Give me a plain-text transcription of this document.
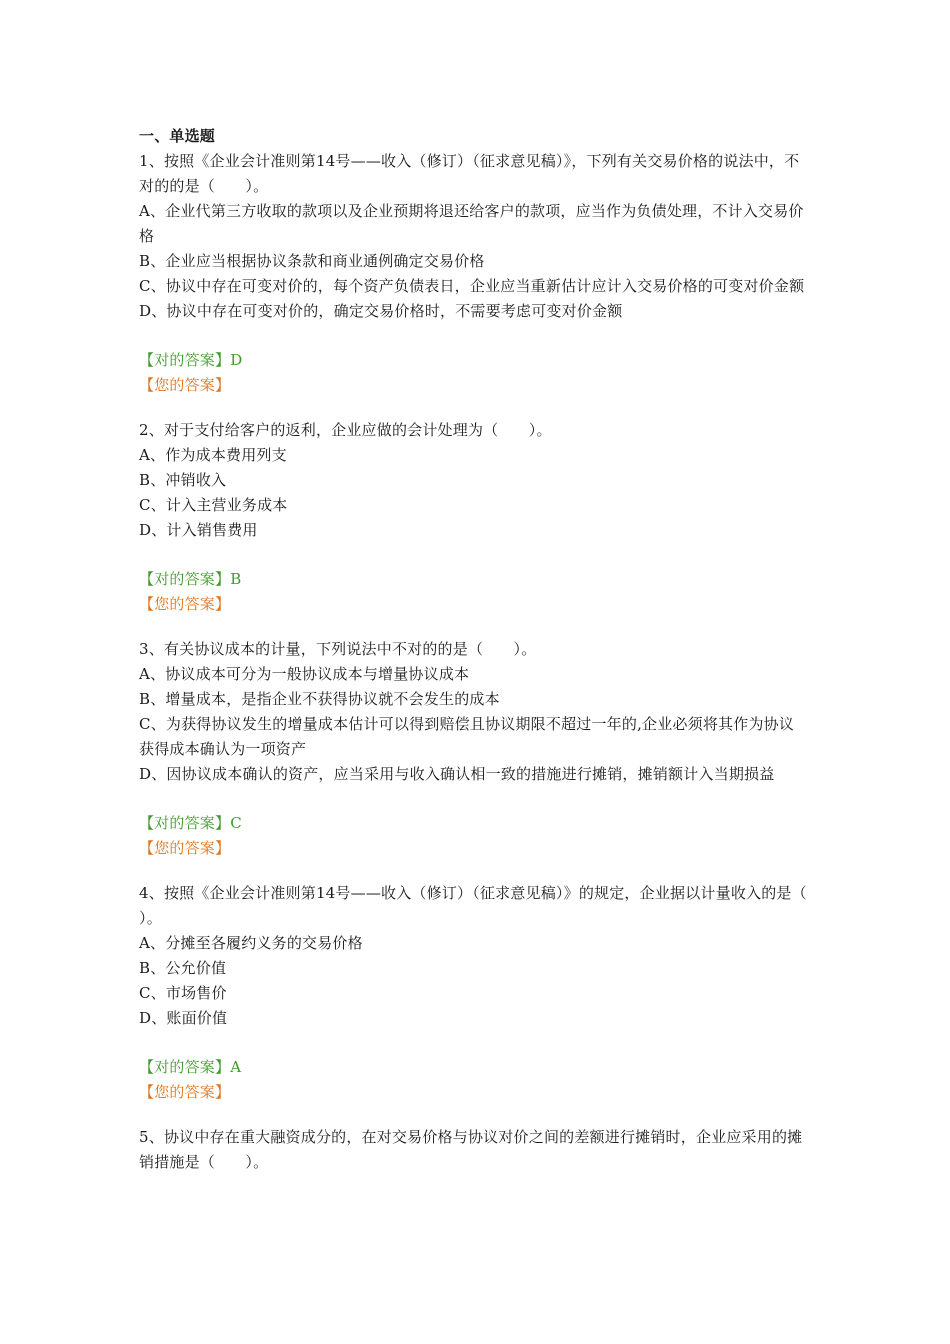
一、单选题

1、按照《企业会计准则第14号——收入（修订）（征求意见稿）》，下列有关交易价格的说法中，不对的的是（　　）。

A、企业代第三方收取的款项以及企业预期将退还给客户的款项，应当作为负债处理，不计入交易价格

B、企业应当根据协议条款和商业通例确定交易价格

C、协议中存在可变对价的，每个资产负债表日，企业应当重新估计应计入交易价格的可变对价金额

D、协议中存在可变对价的，确定交易价格时，不需要考虑可变对价金额

【对的答案】D

【您的答案】

2、对于支付给客户的返利，企业应做的会计处理为（　　）。

A、作为成本费用列支

B、冲销收入

C、计入主营业务成本

D、计入销售费用

【对的答案】B

【您的答案】

3、有关协议成本的计量，下列说法中不对的的是（　　）。

A、协议成本可分为一般协议成本与增量协议成本

B、增量成本，是指企业不获得协议就不会发生的成本

C、为获得协议发生的增量成本估计可以得到赔偿且协议期限不超过一年的,企业必须将其作为协议获得成本确认为一项资产

D、因协议成本确认的资产，应当采用与收入确认相一致的措施进行摊销，摊销额计入当期损益

【对的答案】C

【您的答案】

4、按照《企业会计准则第14号——收入（修订）（征求意见稿）》的规定，企业据以计量收入的是（　　）。

A、分摊至各履约义务的交易价格

B、公允价值

C、市场售价

D、账面价值

【对的答案】A

【您的答案】

5、协议中存在重大融资成分的，在对交易价格与协议对价之间的差额进行摊销时，企业应采用的摊销措施是（　　）。
